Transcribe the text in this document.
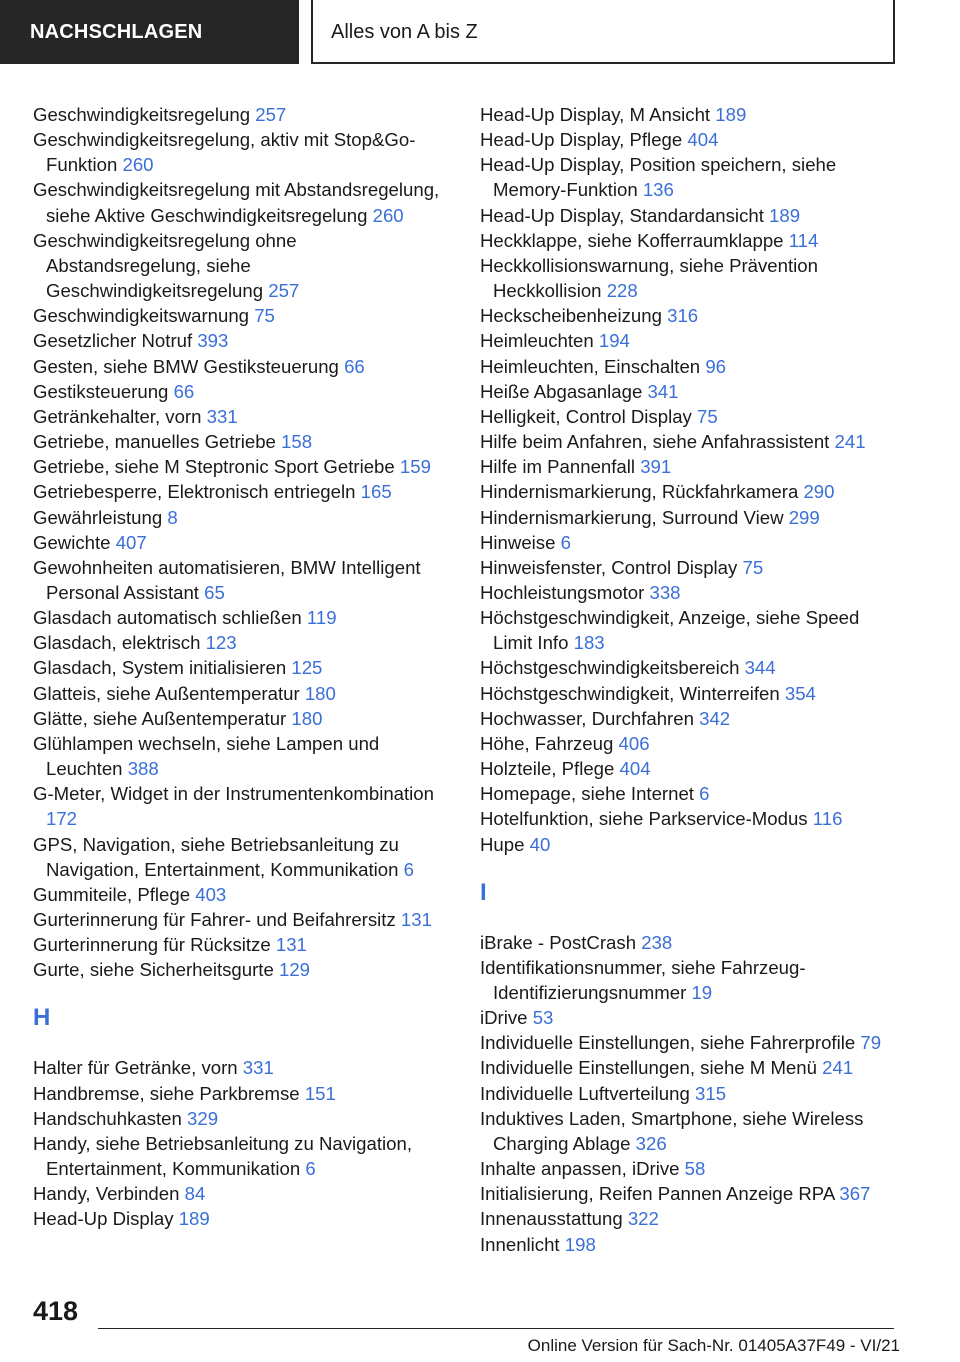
NACHSCHLAGEN	Alles von A bis Z
Geschwindigkeitsregelung 257
Geschwindigkeitsregelung, aktiv mit Stop&Go-Funktion 260
Geschwindigkeitsregelung mit Abstandsregelung, siehe Aktive Geschwindigkeitsregelung 260
Geschwindigkeitsregelung ohne Abstandsregelung, siehe Geschwindigkeitsregelung 257
Geschwindigkeitswarnung 75
Gesetzlicher Notruf 393
Gesten, siehe BMW Gestiksteuerung 66
Gestiksteuerung 66
Getränkehalter, vorn 331
Getriebe, manuelles Getriebe 158
Getriebe, siehe M Steptronic Sport Getriebe 159
Getriebesperre, Elektronisch entriegeln 165
Gewährleistung 8
Gewichte 407
Gewohnheiten automatisieren, BMW Intelligent Personal Assistant 65
Glasdach automatisch schließen 119
Glasdach, elektrisch 123
Glasdach, System initialisieren 125
Glatteis, siehe Außentemperatur 180
Glätte, siehe Außentemperatur 180
Glühlampen wechseln, siehe Lampen und Leuchten 388
G-Meter, Widget in der Instrumentenkombination 172
GPS, Navigation, siehe Betriebsanleitung zu Navigation, Entertainment, Kommunikation 6
Gummiteile, Pflege 403
Gurterinnerung für Fahrer- und Beifahrersitz 131
Gurterinnerung für Rücksitze 131
Gurte, siehe Sicherheitsgurte 129
H
Halter für Getränke, vorn 331
Handbremse, siehe Parkbremse 151
Handschuhkasten 329
Handy, siehe Betriebsanleitung zu Navigation, Entertainment, Kommunikation 6
Handy, Verbinden 84
Head-Up Display 189
Head-Up Display, M Ansicht 189
Head-Up Display, Pflege 404
Head-Up Display, Position speichern, siehe Memory-Funktion 136
Head-Up Display, Standardansicht 189
Heckklappe, siehe Kofferraumklappe 114
Heckkollisionswarnung, siehe Prävention Heckkollision 228
Heckscheibenheizung 316
Heimleuchten 194
Heimleuchten, Einschalten 96
Heiße Abgasanlage 341
Helligkeit, Control Display 75
Hilfe beim Anfahren, siehe Anfahrassistent 241
Hilfe im Pannenfall 391
Hindernismarkierung, Rückfahrkamera 290
Hindernismarkierung, Surround View 299
Hinweise 6
Hinweisfenster, Control Display 75
Hochleistungsmotor 338
Höchstgeschwindigkeit, Anzeige, siehe Speed Limit Info 183
Höchstgeschwindigkeitsbereich 344
Höchstgeschwindigkeit, Winterreifen 354
Hochwasser, Durchfahren 342
Höhe, Fahrzeug 406
Holzteile, Pflege 404
Homepage, siehe Internet 6
Hotelfunktion, siehe Parkservice-Modus 116
Hupe 40
I
iBrake - PostCrash 238
Identifikationsnummer, siehe Fahrzeug-Identifizierungsnummer 19
iDrive 53
Individuelle Einstellungen, siehe Fahrerprofile 79
Individuelle Einstellungen, siehe M Menü 241
Individuelle Luftverteilung 315
Induktives Laden, Smartphone, siehe Wireless Charging Ablage 326
Inhalte anpassen, iDrive 58
Initialisierung, Reifen Pannen Anzeige RPA 367
Innenausstattung 322
Innenlicht 198
418
Online Version für Sach-Nr. 01405A37F49 - VI/21
